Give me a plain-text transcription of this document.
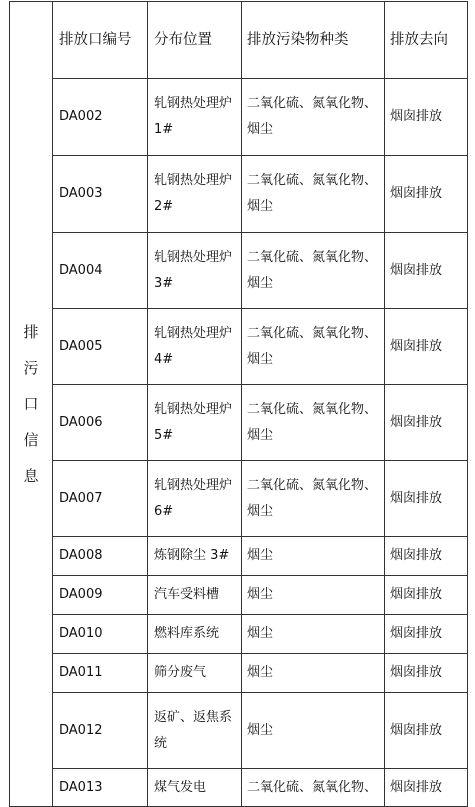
排
污
口
信
息	排放口编号	分布位置	排放污染物种类	排放去向
	DA002	轧钢热处理炉 1#	二氧化硫、氮氧化物、烟尘	烟囱排放
	DA003	轧钢热处理炉 2#	二氧化硫、氮氧化物、烟尘	烟囱排放
	DA004	轧钢热处理炉 3#	二氧化硫、氮氧化物、烟尘	烟囱排放
	DA005	轧钢热处理炉 4#	二氧化硫、氮氧化物、烟尘	烟囱排放
	DA006	轧钢热处理炉 5#	二氧化硫、氮氧化物、烟尘	烟囱排放
	DA007	轧钢热处理炉 6#	二氧化硫、氮氧化物、烟尘	烟囱排放
	DA008	炼钢除尘 3#	烟尘	烟囱排放
	DA009	汽车受料槽	烟尘	烟囱排放
	DA010	燃料库系统	烟尘	烟囱排放
	DA011	筛分废气	烟尘	烟囱排放
	DA012	返矿、返焦系统	烟尘	烟囱排放
	DA013	煤气发电	二氧化硫、氮氧化物、	烟囱排放
